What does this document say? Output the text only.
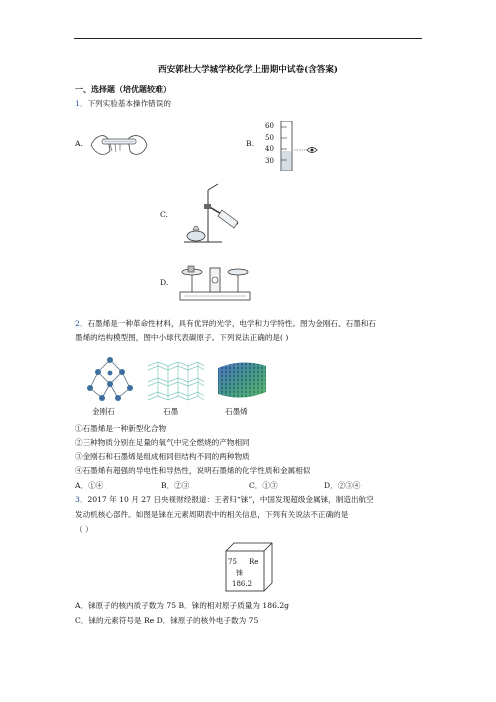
西安郭杜大学城学校化学上册期中试卷(含答案)
一、选择题（培优题较难）
1．下列实验基本操作错误的
A.	B.
60
50
40
30
C.
D.
2．石墨烯是一种革命性材料，具有优异的光学、电学和力学特性。图为金刚石、石墨和石
墨烯的结构模型图，图中小球代表碳原子。下列说法正确的是( )
金刚石	石墨	石墨烯
①石墨烯是一种新型化合物
②三种物质分别在足量的氧气中完全燃烧的产物相同
③金刚石和石墨烯是组成相同但结构不同的两种物质
④石墨烯有超强的导电性和导热性，说明石墨烯的化学性质和金属相似
A．①④	B．②③	C．①③	D．②③④
3．2017 年 10 月 27 日央视财经报道：王者归“铼”，中国发现超级金属铼，制造出航空
发动机核心部件。如图是铼在元素周期表中的相关信息，下列有关说法不正确的是
（ ）
75 Re
铼
186.2
A．铼原子的核内质子数为 75 B．铼的相对原子质量为 186.2g
C．铼的元素符号是 Re D．铼原子的核外电子数为 75
